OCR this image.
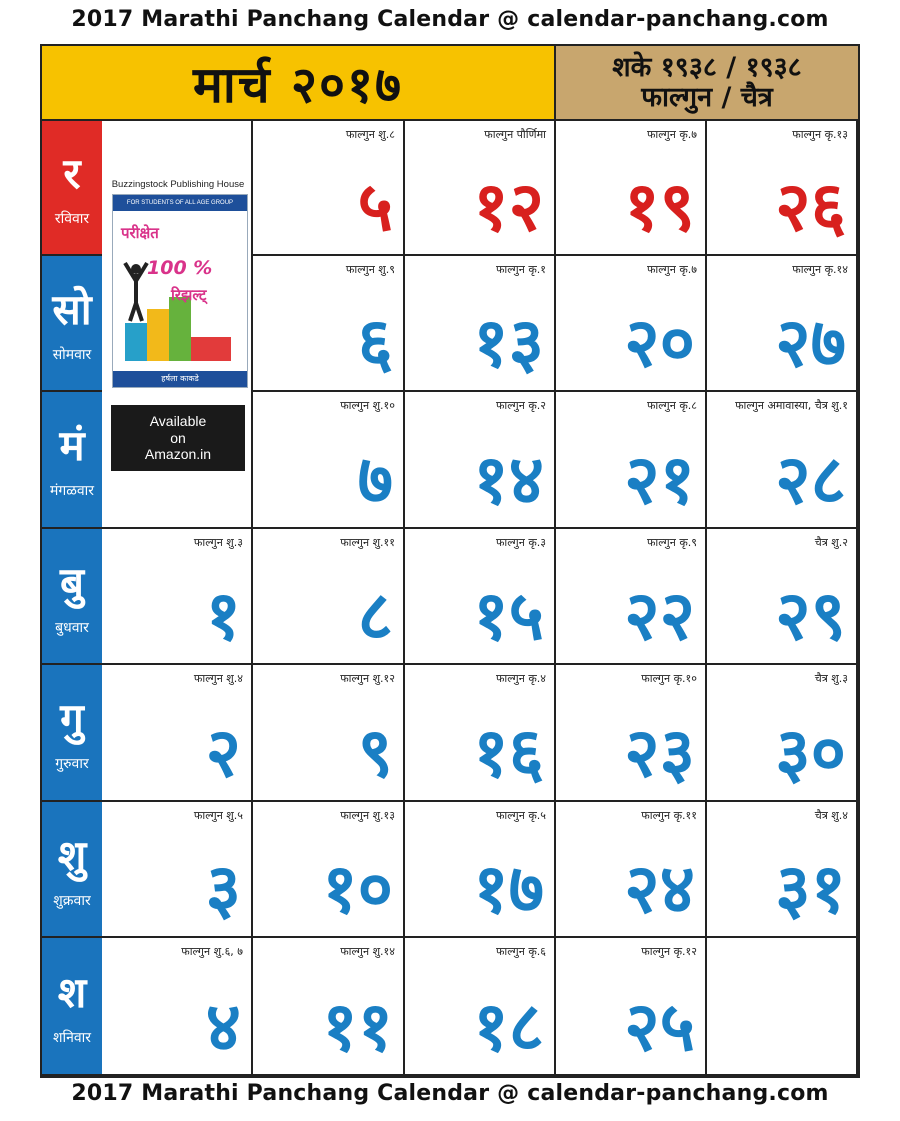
2017 Marathi Panchang Calendar @ calendar-panchang.com
मार्च २०१७	शके १९३८ / १९३८
फाल्गुन / चैत्र
र
रविवार
सो
सोमवार
मं
मंगळवार
बु
बुधवार
गु
गुरुवार
शु
शुक्रवार
श
शनिवार
Buzzingstock Publishing House
FOR STUDENTS OF ALL AGE GROUP
परीक्षेत
100 %
रिझल्ट्
हर्षला काकडे
Available
on
Amazon.in
फाल्गुन शु.८
५
फाल्गुन पौर्णिमा
१२
फाल्गुन कृ.७
१९
फाल्गुन कृ.१३
२६
फाल्गुन शु.९
६
फाल्गुन कृ.१
१३
फाल्गुन कृ.७
२०
फाल्गुन कृ.१४
२७
फाल्गुन शु.१०
७
फाल्गुन कृ.२
१४
फाल्गुन कृ.८
२१
फाल्गुन अमावास्या, चैत्र शु.१
२८
फाल्गुन शु.३
१
फाल्गुन शु.११
८
फाल्गुन कृ.३
१५
फाल्गुन कृ.९
२२
चैत्र शु.२
२९
फाल्गुन शु.४
२
फाल्गुन शु.१२
९
फाल्गुन कृ.४
१६
फाल्गुन कृ.१०
२३
चैत्र शु.३
३०
फाल्गुन शु.५
३
फाल्गुन शु.१३
१०
फाल्गुन कृ.५
१७
फाल्गुन कृ.११
२४
चैत्र शु.४
३१
फाल्गुन शु.६, ७
४
फाल्गुन शु.१४
११
फाल्गुन कृ.६
१८
फाल्गुन कृ.१२
२५
2017 Marathi Panchang Calendar @ calendar-panchang.com
